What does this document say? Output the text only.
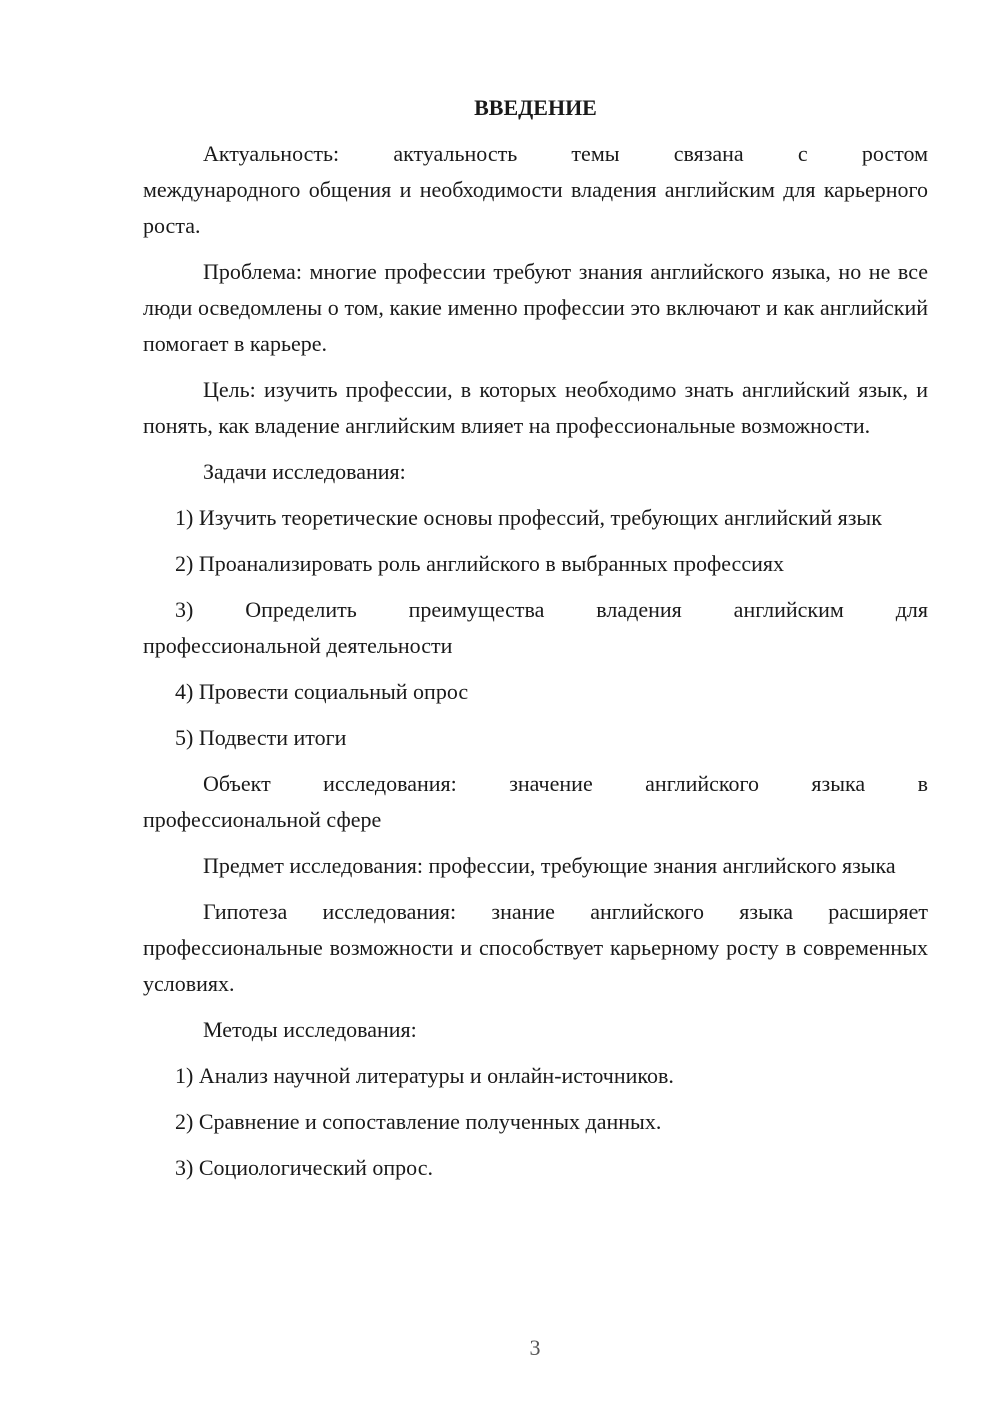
ВВЕДЕНИЕ
Актуальность: актуальность темы связана с ростом
международного общения и необходимости владения английским для карьерного роста.
Проблема: многие профессии требуют знания английского языка, но не все люди осведомлены о том, какие именно профессии это включают и как английский помогает в карьере.
Цель: изучить профессии, в которых необходимо знать английский язык, и понять, как владение английским влияет на профессиональные возможности.
Задачи исследования:
1) Изучить теоретические основы профессий, требующих английский язык
2) Проанализировать роль английского в выбранных профессиях
3) Определить преимущества владения английским для
профессиональной деятельности
4) Провести социальный опрос
5) Подвести итоги
Объект исследования: значение английского языка в
профессиональной сфере
Предмет исследования: профессии, требующие знания английского языка
Гипотеза исследования: знание английского языка расширяет профессиональные возможности и способствует карьерному росту в современных условиях.
Методы исследования:
1) Анализ научной литературы и онлайн-источников.
2) Сравнение и сопоставление полученных данных.
3) Социологический опрос.
3
